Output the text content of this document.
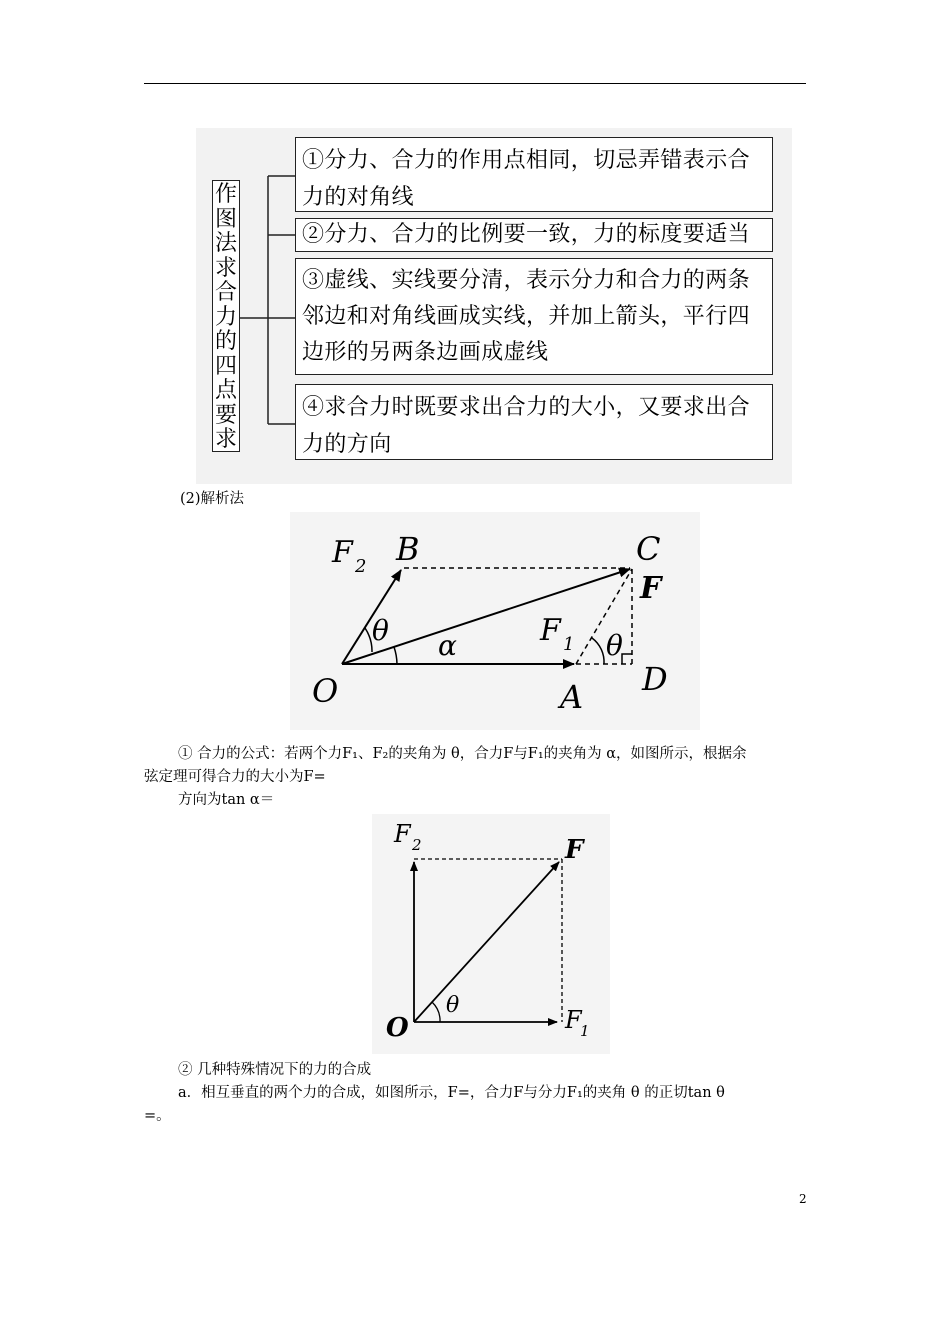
作
图
法
求
合
力
的
四
点
要
求
①分力、合力的作用点相同，切忌弄错表示合力的对角线
②分力、合力的比例要一致，力的标度要适当
③虚线、实线要分清，表示分力和合力的两条邻边和对角线画成实线，并加上箭头，平行四边形的另两条边画成虚线
④求合力时既要求出合力的大小，又要求出合力的方向
(2)解析法
F 2 B	C
F
F 1
θ α	θ
O	A D
① 合力的公式：若两个力F₁、F₂的夹角为 θ，合力F与F₁的夹角为 α，如图所示，根据余
弦定理可得合力的大小为F=
方向为tan α＝
F 2	F
θ
O	F
1
② 几种特殊情况下的力的合成
a．相互垂直的两个力的合成，如图所示，F=，合力F与分力F₁的夹角 θ 的正切tan θ
=。
2
